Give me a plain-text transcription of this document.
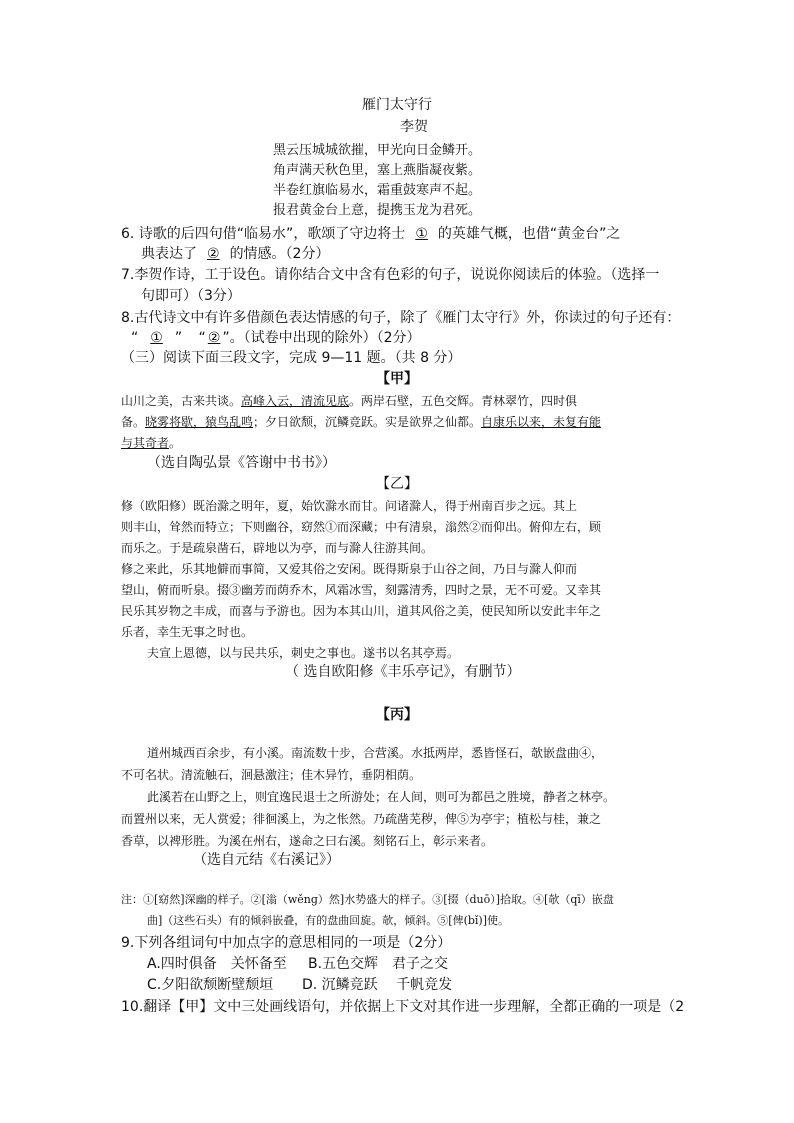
雁门太守行
李贺
黑云压城城欲摧，甲光向日金鳞开。
角声满天秋色里，塞上燕脂凝夜紫。
半卷红旗临易水，霜重鼓寒声不起。
报君黄金台上意，提携玉龙为君死。
6. 诗歌的后四句借“临易水”，歌颂了守边将士 ① 的英雄气概，也借“黄金台”之
典表达了 ② 的情感。（2分）
7.李贺作诗，工于设色。请你结合文中含有色彩的句子，说说你阅读后的体验。（选择一
句即可）（3分）
8.古代诗文中有许多借颜色表达情感的句子，除了《雁门太守行》外，你读过的句子还有：
“ ① ” “ ② ”。（试卷中出现的除外）（2分）
（三）阅读下面三段文字，完成 9—11 题。（共 8 分）
【甲】
山川之美，古来共谈。高峰入云，清流见底。两岸石壁，五色交辉。青林翠竹，四时俱
备。晓雾将歇，猿鸟乱鸣；夕日欲颓，沉鳞竞跃。实是欲界之仙都。自康乐以来，未复有能
与其奇者。
（选自陶弘景《答谢中书书》）
【乙】
修（欧阳修）既治滁之明年，夏，始饮滁水而甘。问诸滁人，得于州南百步之远。其上
则丰山，耸然而特立；下则幽谷，窈然①而深藏；中有清泉，滃然②而仰出。俯仰左右，顾
而乐之。于是疏泉凿石，辟地以为亭，而与滁人往游其间。
修之来此，乐其地僻而事简，又爱其俗之安闲。既得斯泉于山谷之间，乃日与滁人仰而
望山，俯而听泉。掇③幽芳而荫乔木，风霜冰雪，刻露清秀，四时之景，无不可爱。又幸其
民乐其岁物之丰成，而喜与予游也。因为本其山川，道其风俗之美，使民知所以安此丰年之
乐者，幸生无事之时也。
夫宣上恩德，以与民共乐，刺史之事也。遂书以名其亭焉。
（ 选自欧阳修《丰乐亭记》，有删节）
【丙】
道州城西百余步，有小溪。南流数十步，合营溪。水抵两岸，悉皆怪石，欹嵌盘曲④，
不可名状。清流触石，洄悬激注；佳木异竹，垂阴相荫。
此溪若在山野之上，则宜逸民退士之所游处；在人间，则可为都邑之胜境，静者之林亭。
而置州以来，无人赏爱；徘徊溪上，为之怅然。乃疏凿芜秽，俾⑤为亭宇；植松与桂，兼之
香草，以裨形胜。为溪在州右，遂命之曰右溪。刻铭石上，彰示来者。
（选自元结《右溪记》）
注：①[窈然]深幽的样子。②[滃（wěng）然]水势盛大的样子。③[掇（duō）]拾取。④[欹（qī）嵌盘
曲]（这些石头）有的倾斜嵌叠，有的盘曲回旋。欹，倾斜。⑤[俾(bǐ)]使。
9.下列各组词句中加点字的意思相同的一项是（2分）
A.四时俱备　关怀备至 B.五色交辉　君子之交
C.夕阳欲颓断壁颓垣 D. 沉鳞竞跃　 千帆竞发
10.翻译【甲】文中三处画线语句，并依据上下文对其作进一步理解，全都正确的一项是（2
